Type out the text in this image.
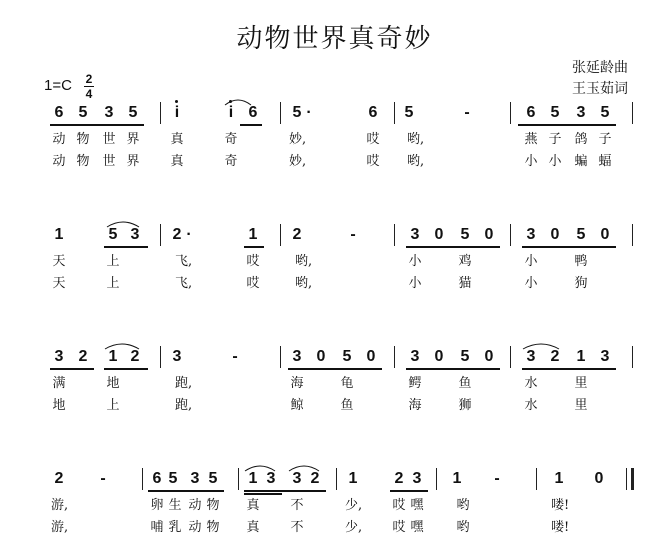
动物世界真奇妙
张延龄曲
王玉茹词
1=C 2
4
6 5 3 5 i	i 6 5 ·	6 5	-	6 5 3 5
动 物 世 界 真	奇	妙,	哎 哟,	燕 子 鸽 子
动 物 世 界 真	奇	妙,	哎 哟,	小 小 蝙 蝠
1	5 3 2 ·	1 2	-	3 0 5 0 3 0 5 0
天	上	飞,	哎	哟,	小	鸡	小	鸭
天	上	飞,	哎	哟,	小	猫	小	狗
3 2 1 2 3	-	3 0 5 0 3 0 5 0 3 2 1 3
满	地	跑,	海	龟	鳄	鱼	水	里
地	上	跑,	鲸	鱼	海	狮	水	里
2 -	6 5 3 5 1 3 3 2 1 2 3 1 -	1 0
游,	卵 生 动 物 真 不	少, 哎 嘿	哟	喽!
游,	哺 乳 动 物 真 不	少, 哎 嘿	哟	喽!
